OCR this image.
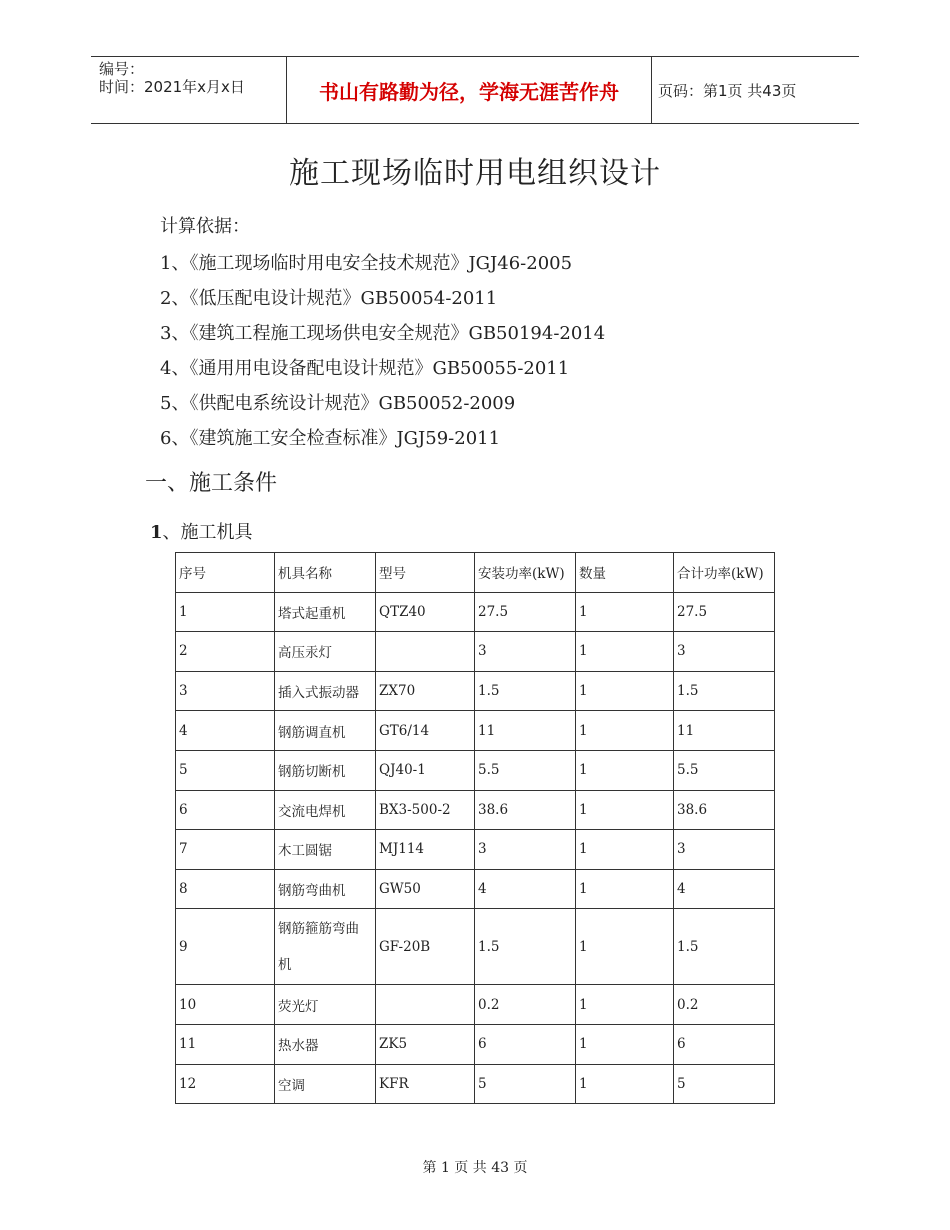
编号：
时间：2021年x月x日	书山有路勤为径，学海无涯苦作舟	页码：第1页 共43页
施工现场临时用电组织设计
计算依据：
1、《施工现场临时用电安全技术规范》JGJ46-2005
2、《低压配电设计规范》GB50054-2011
3、《建筑工程施工现场供电安全规范》GB50194-2014
4、《通用用电设备配电设计规范》GB50055-2011
5、《供配电系统设计规范》GB50052-2009
6、《建筑施工安全检查标准》JGJ59-2011
一、施工条件
1、施工机具
序号	机具名称	型号	安装功率(kW)	数量	合计功率(kW)
1	塔式起重机	QTZ40	27.5	1	27.5
2	高压汞灯		3	1	3
3	插入式振动器	ZX70	1.5	1	1.5
4	钢筋调直机	GT6/14	11	1	11
5	钢筋切断机	QJ40-1	5.5	1	5.5
6	交流电焊机	BX3-500-2	38.6	1	38.6
7	木工圆锯	MJ114	3	1	3
8	钢筋弯曲机	GW50	4	1	4
9	钢筋箍筋弯曲机	GF-20B	1.5	1	1.5
10	荧光灯		0.2	1	0.2
11	热水器	ZK5	6	1	6
12	空调	KFR	5	1	5
第 1 页 共 43 页
